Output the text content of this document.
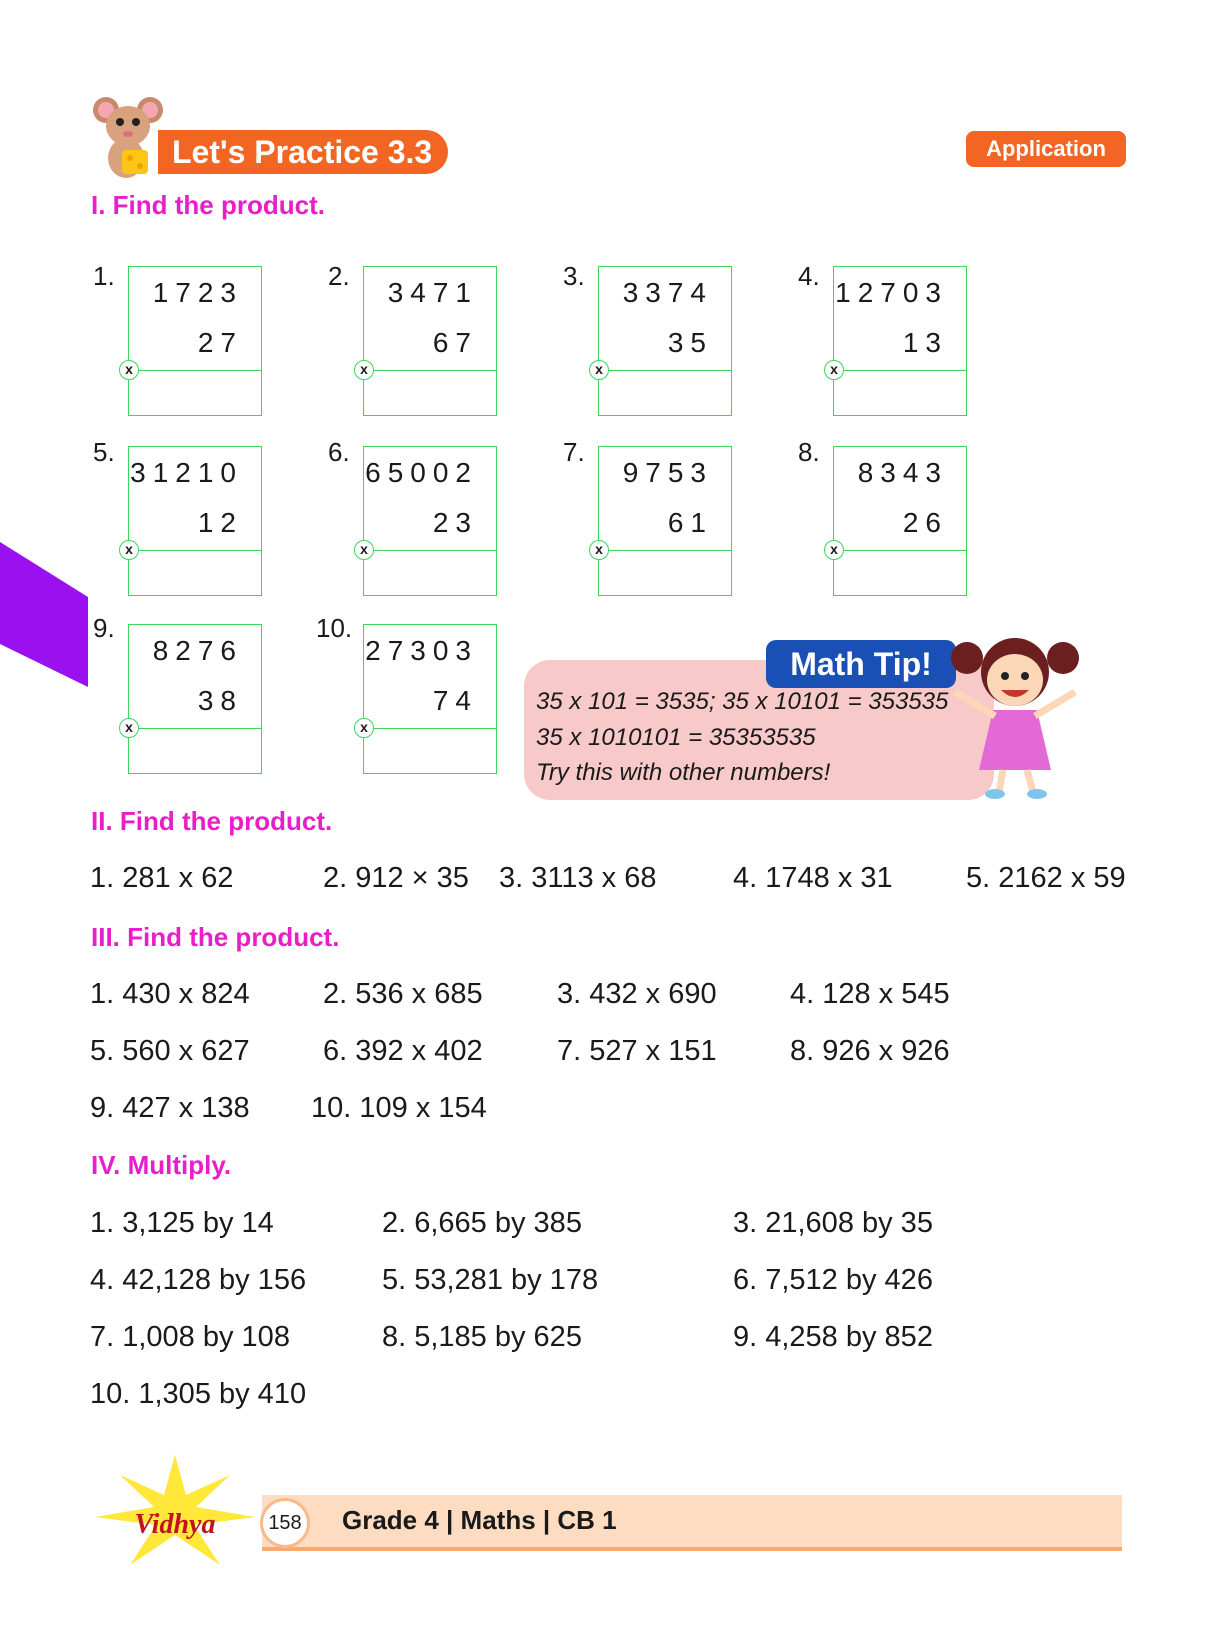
Let's Practice 3.3	Application
I. Find the product.
1.
1723
27
x
2.
3471
67
x
3.
3374
35
x
4.
12703
13
x
5.
31210
12
x
6.
65002
23
x
7.
9753
61
x
8.
8343
26
x
9.
8276
38
x
10.
27303
74
x
Math Tip!
35 x 101 = 3535; 35 x 10101 = 353535
35 x 1010101 = 35353535
Try this with other numbers!
II. Find the product.
1. 281 x 62	2. 912 × 35 3. 3113 x 68	4. 1748 x 31	5. 2162 x 59
III. Find the product.
1. 430 x 824	2. 536 x 685	3. 432 x 690	4. 128 x 545
5. 560 x 627	6. 392 x 402	7. 527 x 151	8. 926 x 926
9. 427 x 138 10. 109 x 154
IV. Multiply.
1. 3,125 by 14	2. 6,665 by 385	3. 21,608 by 35
4. 42,128 by 156	5. 53,281 by 178	6. 7,512 by 426
7. 1,008 by 108	8. 5,185 by 625	9. 4,258 by 852
10. 1,305 by 410
Vidhya	158	Grade 4 | Maths | CB 1
